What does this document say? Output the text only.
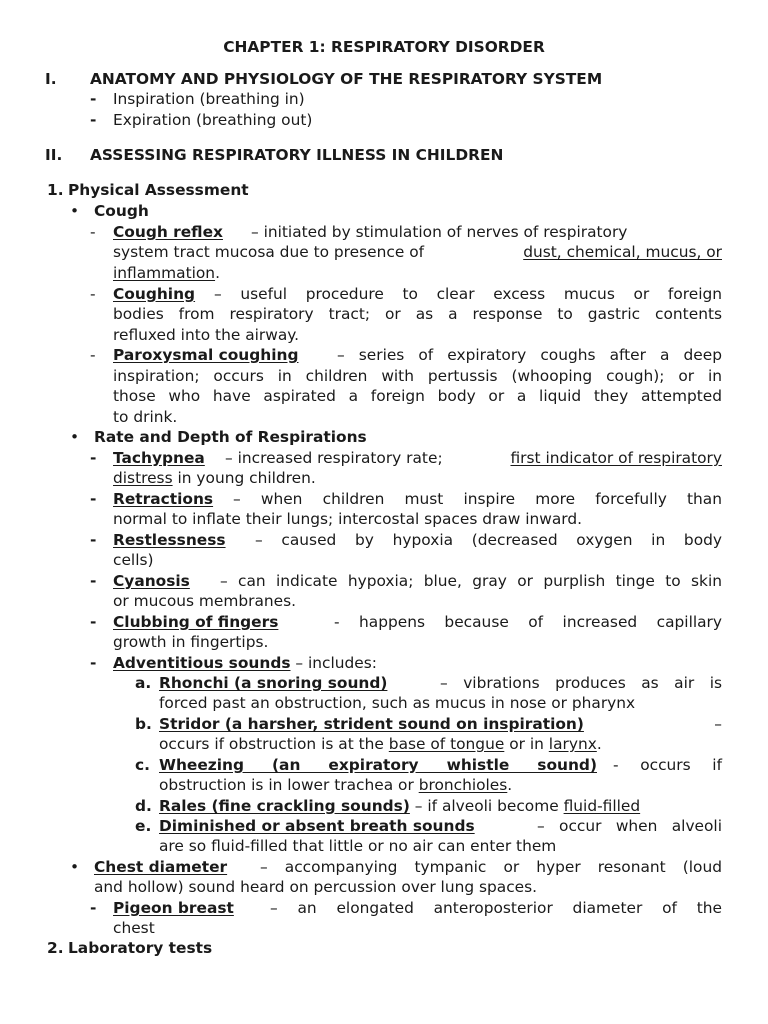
CHAPTER 1: RESPIRATORY DISORDER
I. ANATOMY AND PHYSIOLOGY OF THE RESPIRATORY SYSTEM
- Inspiration (breathing in)
- Expiration (breathing out)
II. ASSESSING RESPIRATORY ILLNESS IN CHILDREN
1. Physical Assessment
• Cough
- Cough reflex – initiated by stimulation of nerves of respiratory
system tract mucosa due to presence of	dust, chemical, mucus, or
inflammation.
- Coughing – useful procedure to clear excess mucus or foreign
bodies from respiratory tract; or as a response to gastric contents
refluxed into the airway.
- Paroxysmal coughing	– series of expiratory coughs after a deep
inspiration; occurs in children with pertussis (whooping cough); or in
those who have aspirated a foreign body or a liquid they attempted
to drink.
• Rate and Depth of Respirations
- Tachypnea – increased respiratory rate;	first indicator of respiratory
distress in young children.
- Retractions – when children must inspire more forcefully than
normal to inflate their lungs; intercostal spaces draw inward.
- Restlessness – caused by hypoxia (decreased oxygen in body
cells)
- Cyanosis – can indicate hypoxia; blue, gray or purplish tinge to skin
or mucous membranes.
- Clubbing of fingers	- happens because of increased capillary
growth in fingertips.
- Adventitious sounds – includes:
a. Rhonchi (a snoring sound)	– vibrations produces as air is
forced past an obstruction, such as mucus in nose or pharynx
b. Stridor (a harsher, strident sound on inspiration)	–
occurs if obstruction is at the base of tongue or in larynx.
c. Wheezing (an expiratory whistle sound) - occurs if
obstruction is in lower trachea or bronchioles.
d. Rales (fine crackling sounds) – if alveoli become fluid-filled
e. Diminished or absent breath sounds	– occur when alveoli
are so fluid-filled that little or no air can enter them
• Chest diameter – accompanying tympanic or hyper resonant (loud
and hollow) sound heard on percussion over lung spaces.
- Pigeon breast – an elongated anteroposterior diameter of the
chest
2. Laboratory tests
